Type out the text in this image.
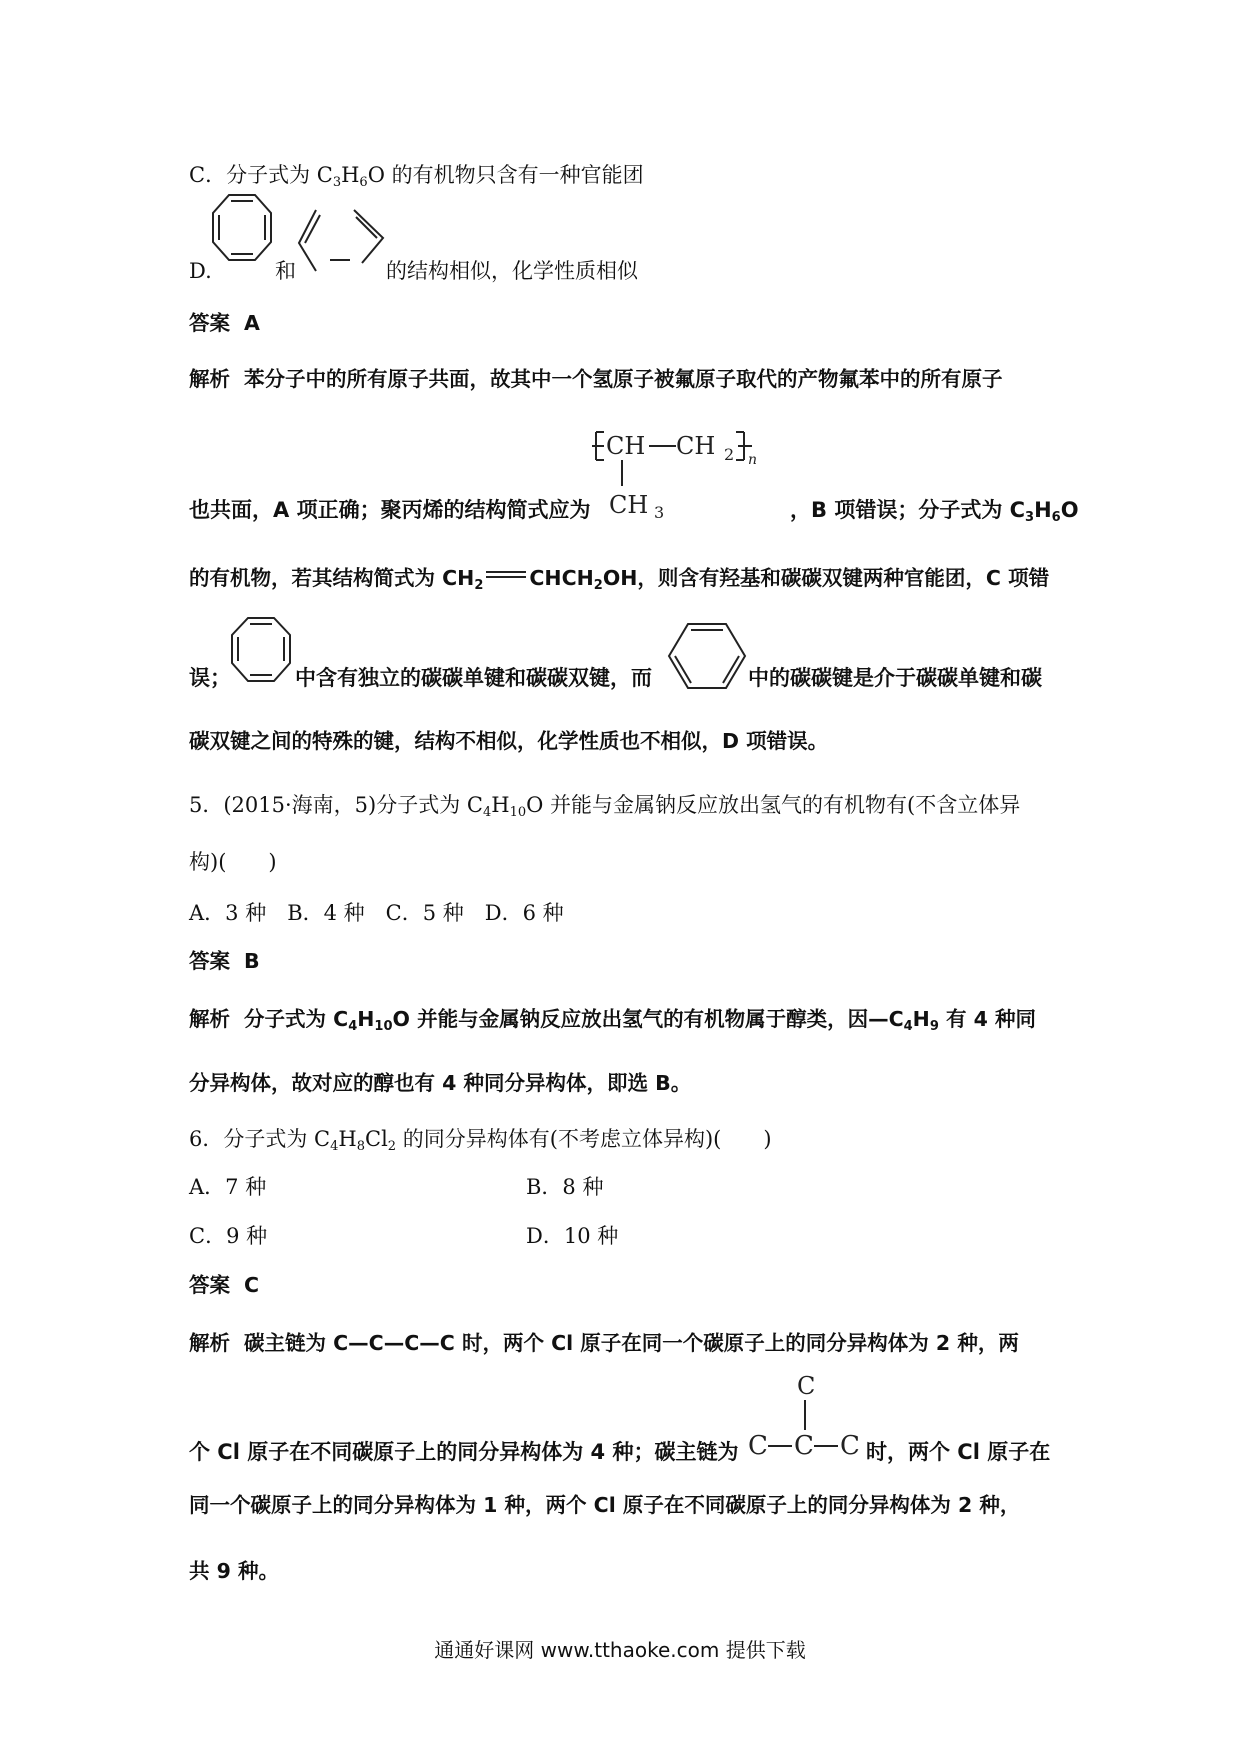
C．分子式为 $C_3H_6O$ 的有机物只含有一种官能团
D.	和	的结构相似，化学性质相似
答案 A
解析 苯分子中的所有原子共面，故其中一个氢原子被氟原子取代的产物氟苯中的所有原子
CH CH 2 n
CH 3
也共面，A 项正确；聚丙烯的结构简式应为	，B 项错误；分子式为 $C_3H_6O$
的有机物，若其结构简式为 $CH_2$ $CHCH_2OH$，则含有羟基和碳碳双键两种官能团，C 项错
误；	中含有独立的碳碳单键和碳碳双键，而	中的碳碳键是介于碳碳单键和碳
碳双键之间的特殊的键，结构不相似，化学性质也不相似，D 项错误。
5．(2015·海南，5)分子式为 $C_4H_{10}O$ 并能与金属钠反应放出氢气的有机物有(不含立体异
构)(　　)
A．3 种　B．4 种　C．5 种　D．6 种
答案 B
解析 分子式为 $C_4H_{10}O$ 并能与金属钠反应放出氢气的有机物属于醇类，因$—C_4H_9$ 有 4 种同
分异构体，故对应的醇也有 4 种同分异构体，即选 B。
6．分子式为 $C_4H_8Cl_2$ 的同分异构体有(不考虑立体异构)(　　)
A．7 种	B．8 种
C．9 种	D．10 种
答案 C
解析 碳主链为 C—C—C—C 时，两个 Cl 原子在同一个碳原子上的同分异构体为 2 种，两
个 Cl 原子在不同碳原子上的同分异构体为 4 种；碳主链为
C
C C C 时，两个 Cl 原子在
同一个碳原子上的同分异构体为 1 种，两个 Cl 原子在不同碳原子上的同分异构体为 2 种，
共 9 种。
通通好课网 www.tthaoke.com 提供下载
